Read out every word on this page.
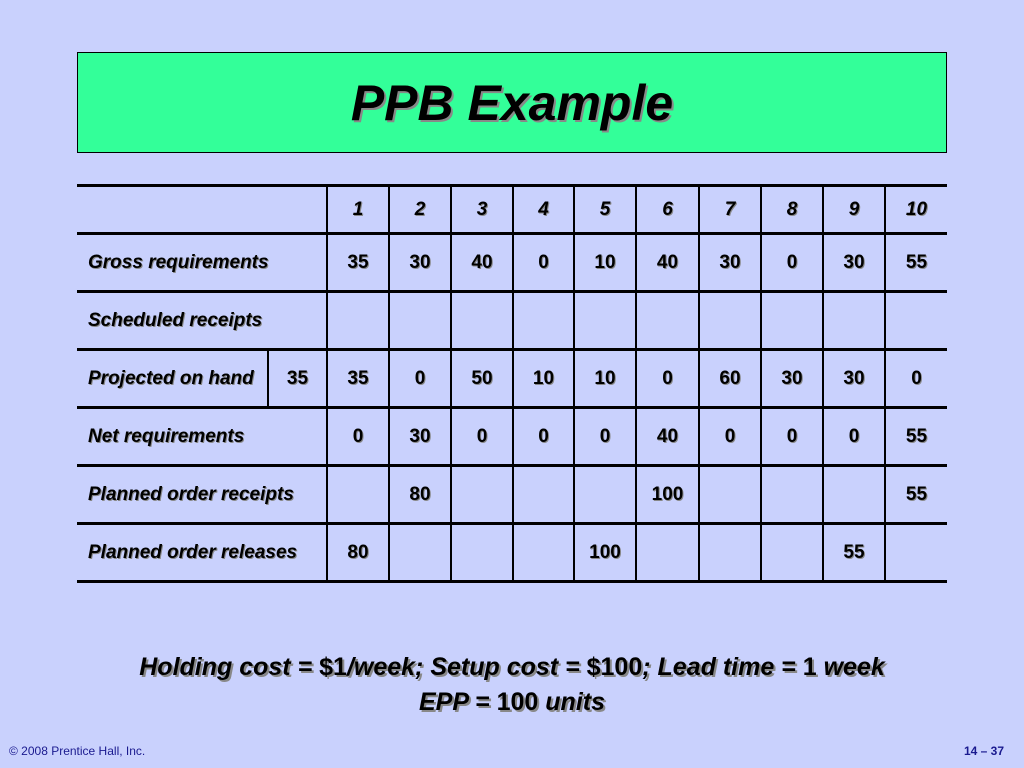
PPB Example
		1	2	3	4	5	6	7	8	9	10
Gross requirements		35	30	40	0	10	40	30	0	30	55
Scheduled receipts											
Projected on hand	35	35	0	50	10	10	0	60	30	30	0
Net requirements		0	30	0	0	0	40	0	0	0	55
Planned order receipts			80				100				55
Planned order releases		80				100				55	
Holding cost = $1/week; Setup cost = $100; Lead time = 1 week
EPP = 100 units
© 2008 Prentice Hall, Inc.	14 – 37
